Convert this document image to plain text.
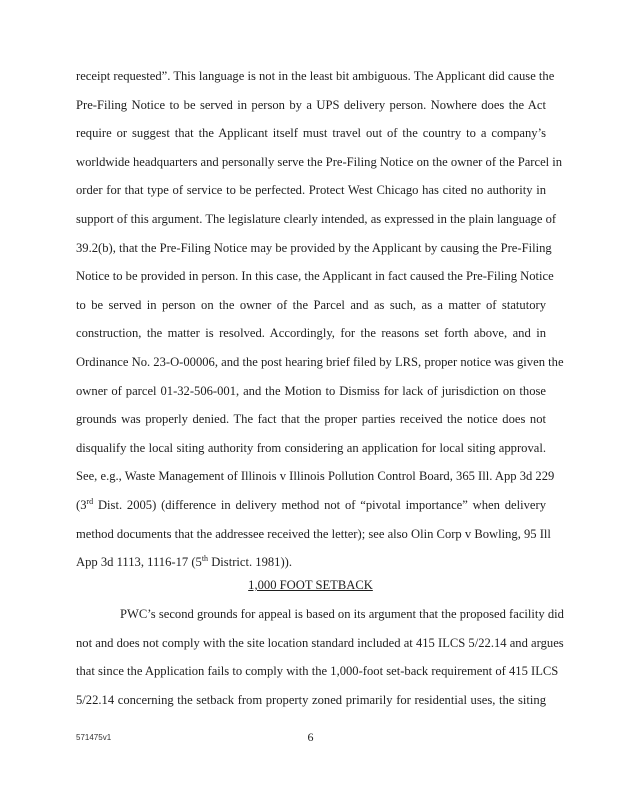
receipt requested”. This language is not in the least bit ambiguous. The Applicant did cause the
Pre-Filing Notice to be served in person by a UPS delivery person. Nowhere does the Act
require or suggest that the Applicant itself must travel out of the country to a company’s
worldwide headquarters and personally serve the Pre-Filing Notice on the owner of the Parcel in
order for that type of service to be perfected. Protect West Chicago has cited no authority in
support of this argument. The legislature clearly intended, as expressed in the plain language of
39.2(b), that the Pre-Filing Notice may be provided by the Applicant by causing the Pre-Filing
Notice to be provided in person. In this case, the Applicant in fact caused the Pre-Filing Notice
to be served in person on the owner of the Parcel and as such, as a matter of statutory
construction, the matter is resolved. Accordingly, for the reasons set forth above, and in
Ordinance No. 23-O-00006, and the post hearing brief filed by LRS, proper notice was given the
owner of parcel 01-32-506-001, and the Motion to Dismiss for lack of jurisdiction on those
grounds was properly denied. The fact that the proper parties received the notice does not
disqualify the local siting authority from considering an application for local siting approval.
See, e.g., Waste Management of Illinois v Illinois Pollution Control Board, 365 Ill. App 3d 229
(3rd Dist. 2005) (difference in delivery method not of “pivotal importance” when delivery
method documents that the addressee received the letter); see also Olin Corp v Bowling, 95 Ill
App 3d 1113, 1116-17 (5th District. 1981)).
1,000 FOOT SETBACK
PWC’s second grounds for appeal is based on its argument that the proposed facility did
not and does not comply with the site location standard included at 415 ILCS 5/22.14 and argues
that since the Application fails to comply with the 1,000-foot set-back requirement of 415 ILCS
5/22.14 concerning the setback from property zoned primarily for residential uses, the siting
571475v1	6
